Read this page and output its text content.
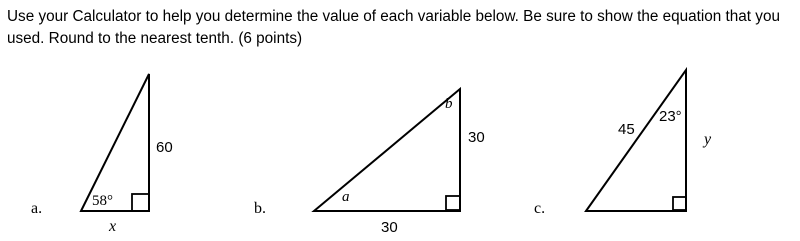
Use your Calculator to help you determine the value of each variable below. Be sure to show the equation that you
used. Round to the nearest tenth. (6 points)

a.	58°
60
x
b.
b
a
30
30
c.
45
23°
y
